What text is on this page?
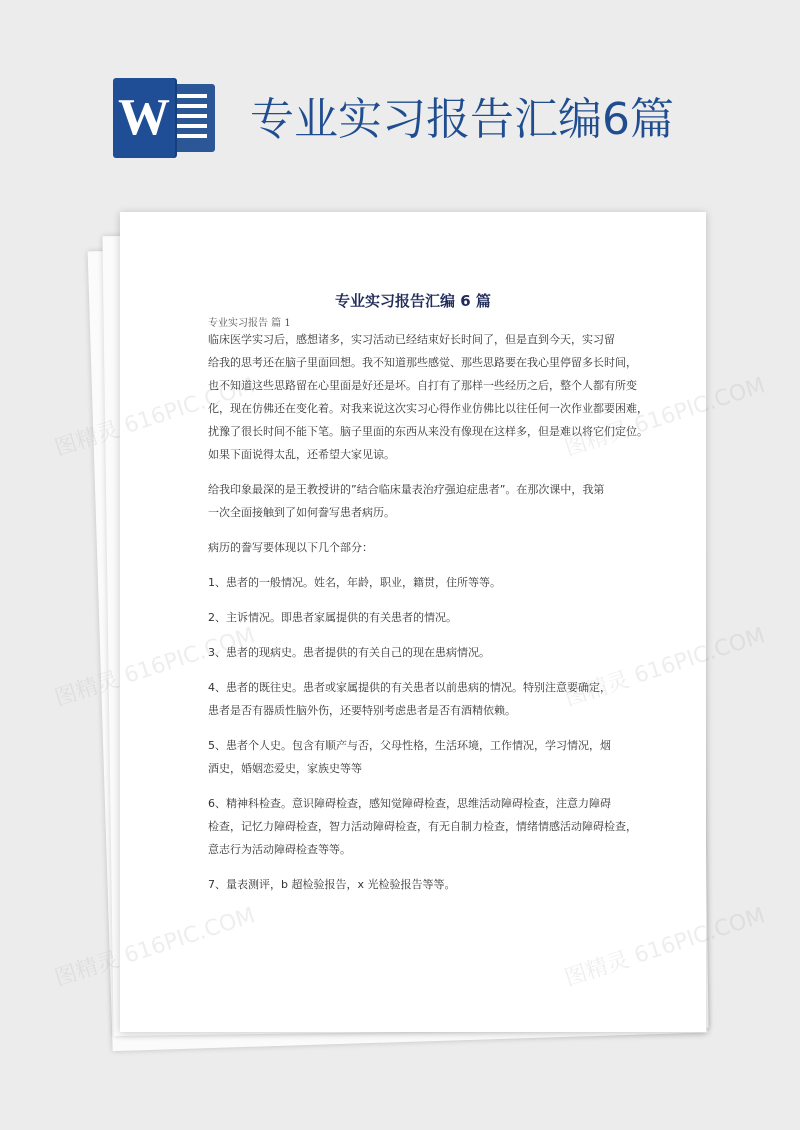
W 专业实习报告汇编6篇
专业实习报告汇编 6 篇
专业实习报告 篇 1
临床医学实习后，感想诸多，实习活动已经结束好长时间了，但是直到今天，实习留
给我的思考还在脑子里面回想。我不知道那些感觉、那些思路要在我心里停留多长时间，
也不知道这些思路留在心里面是好还是坏。自打有了那样一些经历之后，整个人都有所变
化，现在仿佛还在变化着。对我来说这次实习心得作业仿佛比以往任何一次作业都要困难，
扰豫了很长时间不能下笔。脑子里面的东西从来没有像现在这样多，但是难以将它们定位。
如果下面说得太乱，还希望大家见谅。
给我印象最深的是王教授讲的”结合临床量表治疗强迫症患者”。在那次课中，我第
一次全面接触到了如何誊写患者病历。
病历的誊写要体现以下几个部分：
1、患者的一般情况。姓名，年龄，职业，籍贯，住所等等。
2、主诉情况。即患者家属提供的有关患者的情况。
3、患者的现病史。患者提供的有关自己的现在患病情况。
4、患者的既往史。患者或家属提供的有关患者以前患病的情况。特别注意要确定，
患者是否有器质性脑外伤，还要特别考虑患者是否有酒精依赖。
5、患者个人史。包含有顺产与否，父母性格，生活环境，工作情况，学习情况，烟
酒史，婚姻恋爱史，家族史等等
6、精神科检查。意识障碍检查，感知觉障碍检查，思维活动障碍检查，注意力障碍
检查，记忆力障碍检查，智力活动障碍检查，有无自制力检查，情绪情感活动障碍检查，
意志行为活动障碍检查等等。
7、量表测评，b 超检验报告，x 光检验报告等等。
图精灵
图精灵
图精灵
